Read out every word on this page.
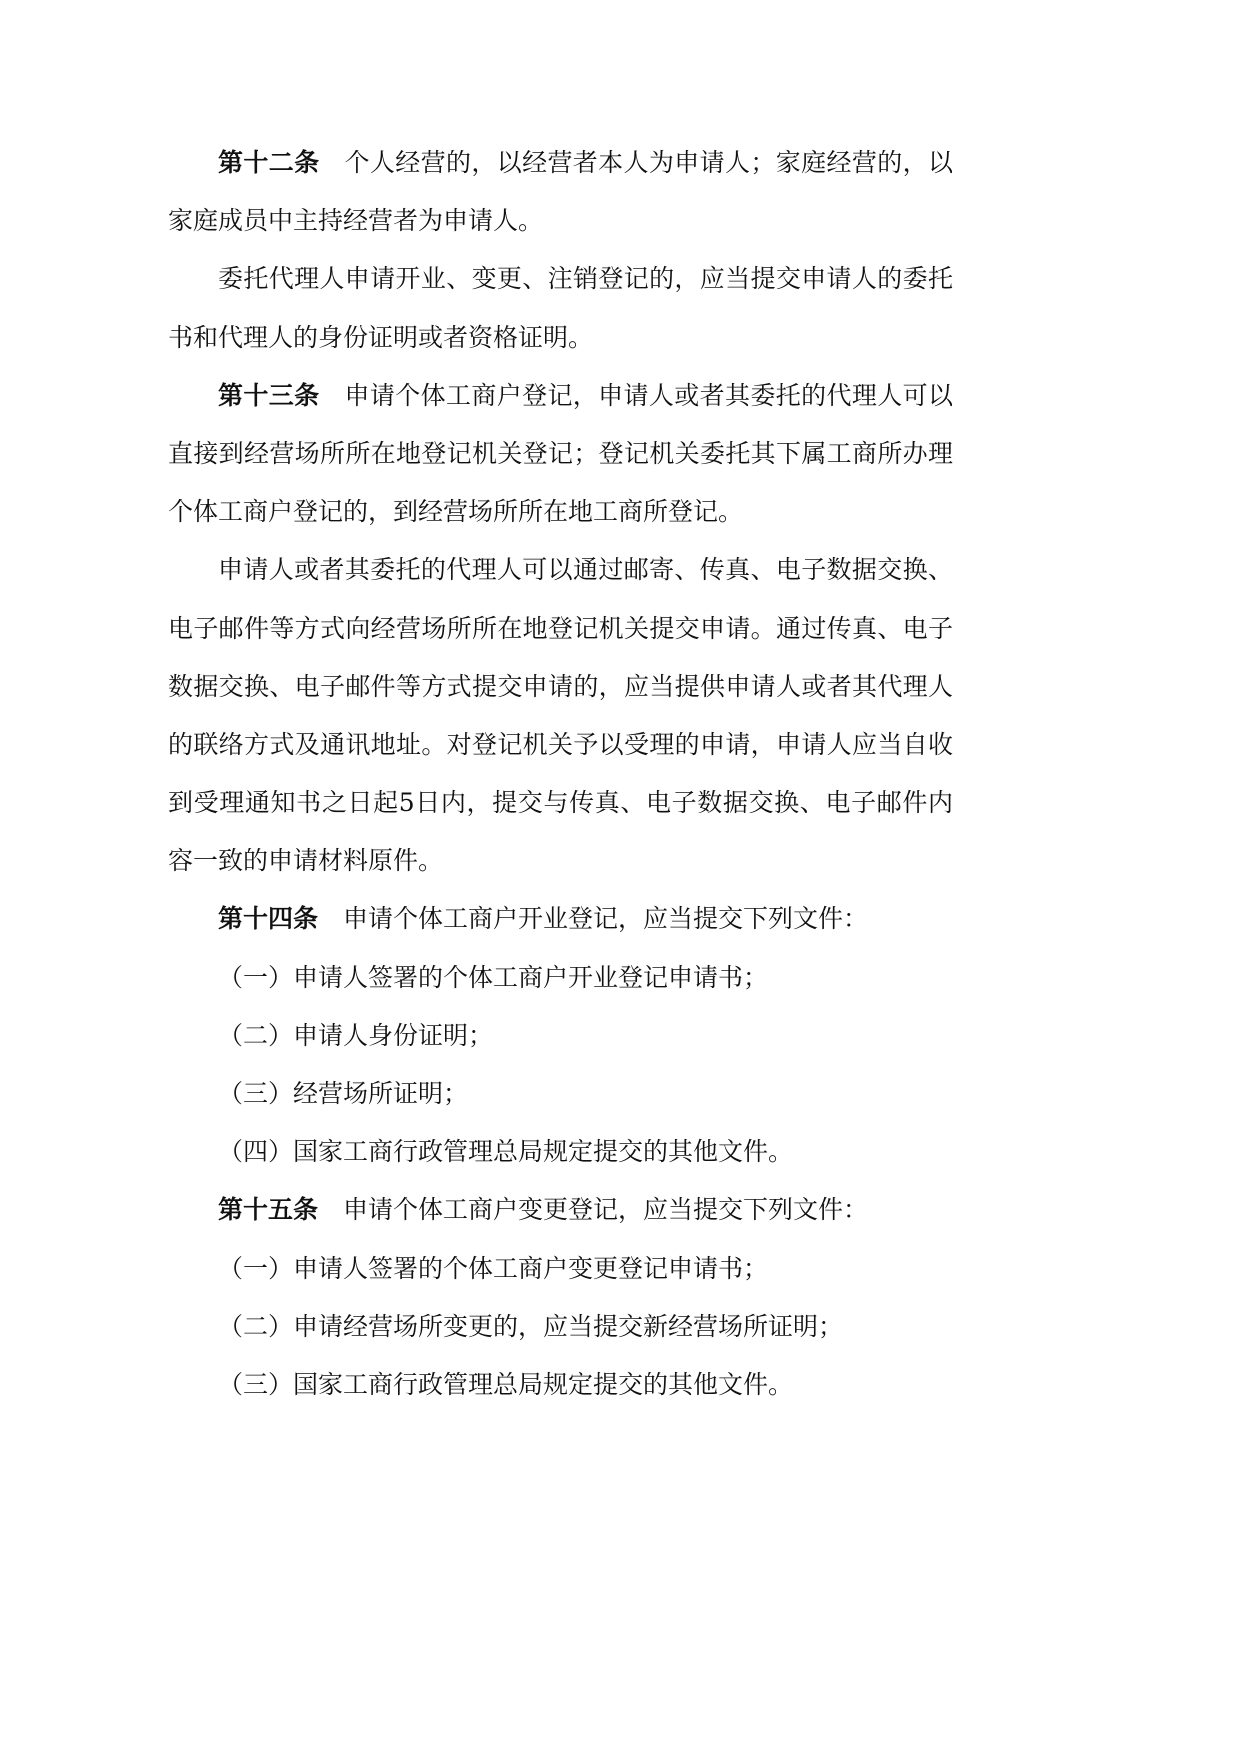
第十二条 个人经营的，以经营者本人为申请人；家庭经营的，以
家庭成员中主持经营者为申请人。
委托代理人申请开业、变更、注销登记的，应当提交申请人的委托
书和代理人的身份证明或者资格证明。
第十三条 申请个体工商户登记，申请人或者其委托的代理人可以
直接到经营场所所在地登记机关登记；登记机关委托其下属工商所办理
个体工商户登记的，到经营场所所在地工商所登记。
申请人或者其委托的代理人可以通过邮寄、传真、电子数据交换、
电子邮件等方式向经营场所所在地登记机关提交申请。通过传真、电子
数据交换、电子邮件等方式提交申请的，应当提供申请人或者其代理人
的联络方式及通讯地址。对登记机关予以受理的申请，申请人应当自收
到受理通知书之日起5日内，提交与传真、电子数据交换、电子邮件内
容一致的申请材料原件。
第十四条 申请个体工商户开业登记，应当提交下列文件：
（一）申请人签署的个体工商户开业登记申请书；
（二）申请人身份证明；
（三）经营场所证明；
（四）国家工商行政管理总局规定提交的其他文件。
第十五条 申请个体工商户变更登记，应当提交下列文件：
（一）申请人签署的个体工商户变更登记申请书；
（二）申请经营场所变更的，应当提交新经营场所证明；
（三）国家工商行政管理总局规定提交的其他文件。
